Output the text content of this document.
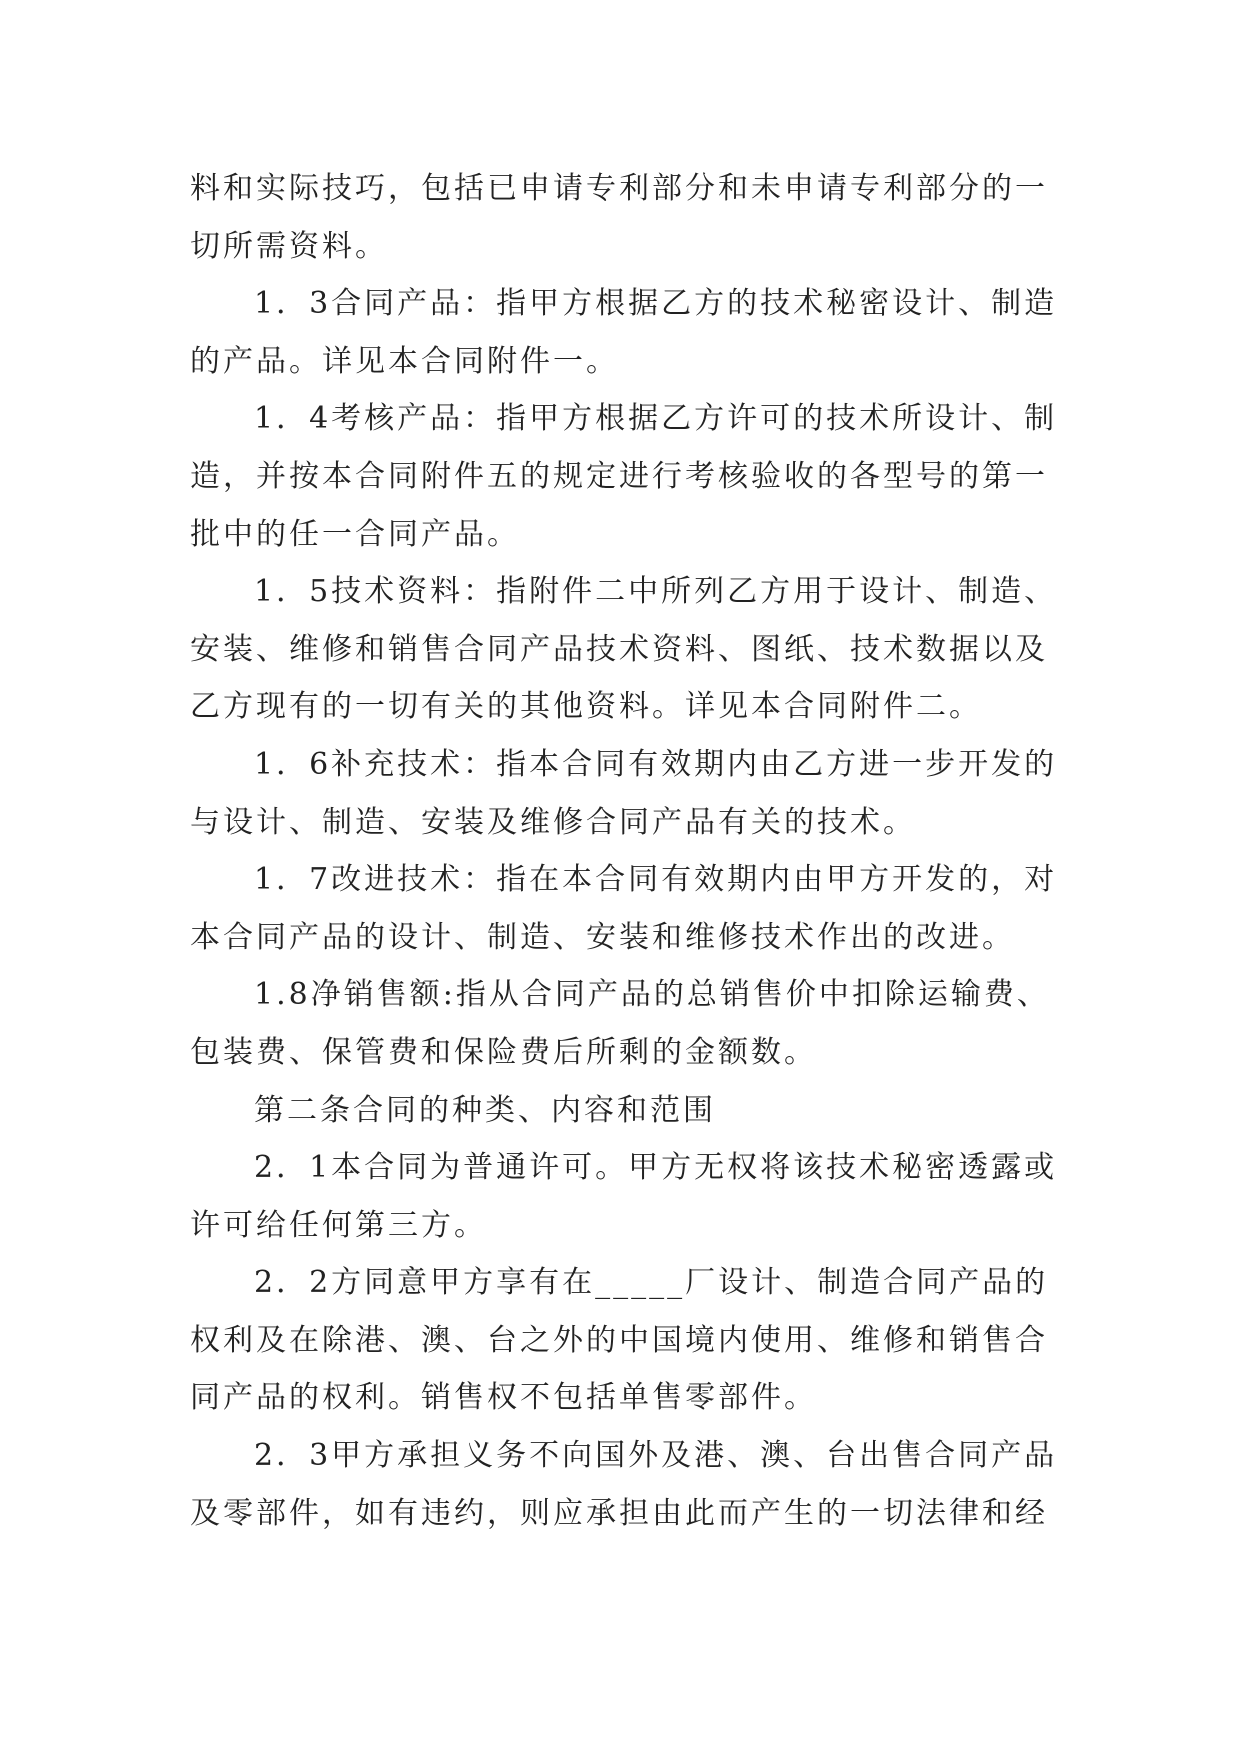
料和实际技巧，包括已申请专利部分和未申请专利部分的一切所需资料。

1．3合同产品：指甲方根据乙方的技术秘密设计、制造的产品。详见本合同附件一。

1．4考核产品：指甲方根据乙方许可的技术所设计、制造，并按本合同附件五的规定进行考核验收的各型号的第一批中的任一合同产品。

1．5技术资料：指附件二中所列乙方用于设计、制造、安装、维修和销售合同产品技术资料、图纸、技术数据以及乙方现有的一切有关的其他资料。详见本合同附件二。

1．6补充技术：指本合同有效期内由乙方进一步开发的与设计、制造、安装及维修合同产品有关的技术。

1．7改进技术：指在本合同有效期内由甲方开发的，对本合同产品的设计、制造、安装和维修技术作出的改进。

1.8净销售额:指从合同产品的总销售价中扣除运输费、包装费、保管费和保险费后所剩的金额数。

第二条合同的种类、内容和范围

2．1本合同为普通许可。甲方无权将该技术秘密透露或许可给任何第三方。

2．2方同意甲方享有在_____厂设计、制造合同产品的权利及在除港、澳、台之外的中国境内使用、维修和销售合同产品的权利。销售权不包括单售零部件。

2．3甲方承担义务不向国外及港、澳、台出售合同产品及零部件，如有违约，则应承担由此而产生的一切法律和经
